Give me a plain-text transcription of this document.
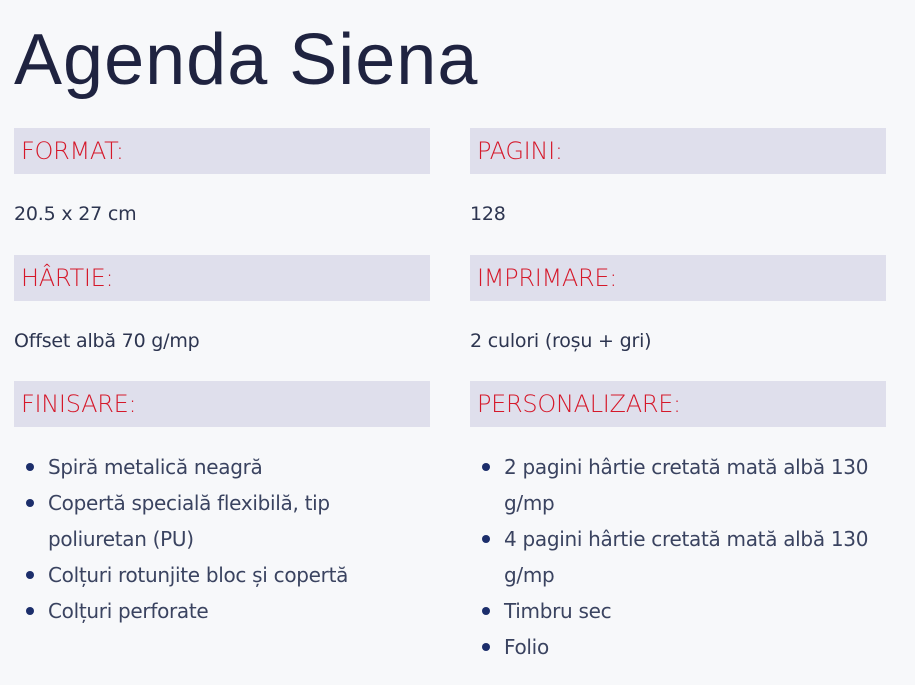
Agenda Siena
FORMAT:

20.5 x 27 cm

HÂRTIE:

Offset albă 70 g/mp

FINISARE:
Spiră metalică neagră
Copertă specială flexibilă, tip poliuretan (PU)
Colțuri rotunjite bloc și copertă
Colțuri perforate
PAGINI:

128

IMPRIMARE:

2 culori (roșu + gri)

PERSONALIZARE:
2 pagini hârtie cretată mată albă 130 g/mp
4 pagini hârtie cretată mată albă 130 g/mp
Timbru sec
Folio
